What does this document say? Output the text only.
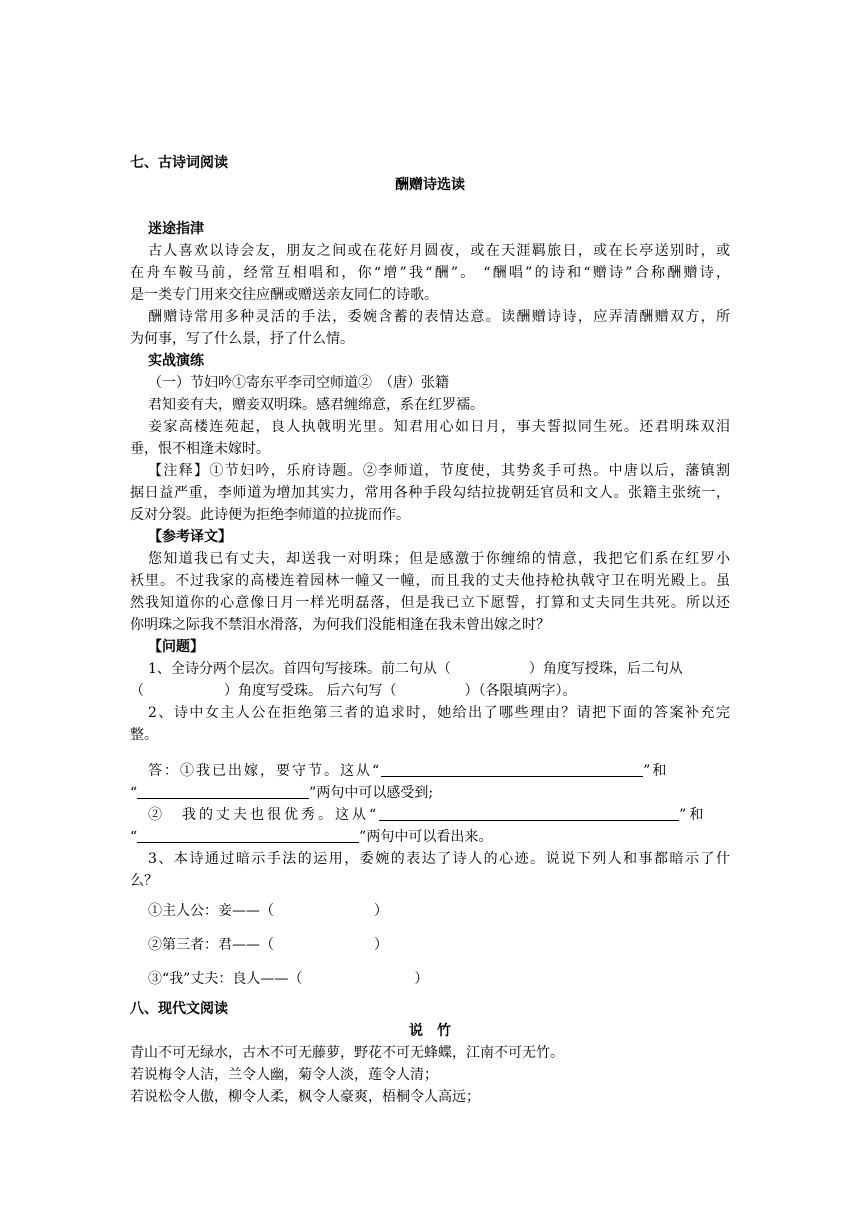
七、古诗词阅读
酬赠诗选读
迷途指津
古人喜欢以诗会友，朋友之间或在花好月圆夜，或在天涯羁旅日，或在长亭送别时，或
在舟车鞍马前，经常互相唱和，你“增”我“酬”。 “酬唱”的诗和“赠诗”合称酬赠诗，
是一类专门用来交往应酬或赠送亲友同仁的诗歌。
酬赠诗常用多种灵活的手法，委婉含蓄的表情达意。读酬赠诗诗，应弄清酬赠双方，所
为何事，写了什么景，抒了什么情。
实战演练
（一）节妇吟①寄东平李司空师道②　（唐）张籍
君知妾有夫，赠妾双明珠。感君缠绵意，系在红罗襦。
妾家高楼连苑起，良人执戟明光里。知君用心如日月，事夫誓拟同生死。还君明珠双泪
垂，恨不相逢未嫁时。
【注释】①节妇吟，乐府诗题。②李师道，节度使，其势炙手可热。中唐以后，藩镇割
据日益严重，李师道为增加其实力，常用各种手段勾结拉拢朝廷官员和文人。张籍主张统一，
反对分裂。此诗便为拒绝李师道的拉拢而作。
【参考译文】
您知道我已有丈夫，却送我一对明珠；但是感激于你缠绵的情意，我把它们系在红罗小
袄里。不过我家的高楼连着园林一幢又一幢，而且我的丈夫他持枪执戟守卫在明光殿上。虽
然我知道你的心意像日月一样光明磊落，但是我已立下愿誓，打算和丈夫同生共死。所以还
你明珠之际我不禁泪水滑落，为何我们没能相逢在我未曾出嫁之时？
【问题】
1、全诗分两个层次。首四句写接珠。前二句从（	）角度写授珠，后二句从
（	）角度写受珠。 后六句写（	）（各限填两字）。
2、诗中女主人公在拒绝第三者的追求时，她给出了哪些理由？请把下面的答案补充完
整。
答：①我已出嫁，要守节。这从“	”和
“	”两句中可以感受到;
②　我的丈夫也很优秀。这从“	”和
“	”两句中可以看出来。
3、本诗通过暗示手法的运用，委婉的表达了诗人的心迹。说说下列人和事都暗示了什
么？
①主人公：妾——（	）
②第三者：君——（	）
③“我”丈夫：良人——（	）
八、现代文阅读
说　竹
青山不可无绿水，古木不可无藤萝，野花不可无蜂蝶，江南不可无竹。
若说梅令人洁，兰令人幽，菊令人淡，莲令人清；
若说松令人傲，柳令人柔，枫令人豪爽，梧桐令人高远；
